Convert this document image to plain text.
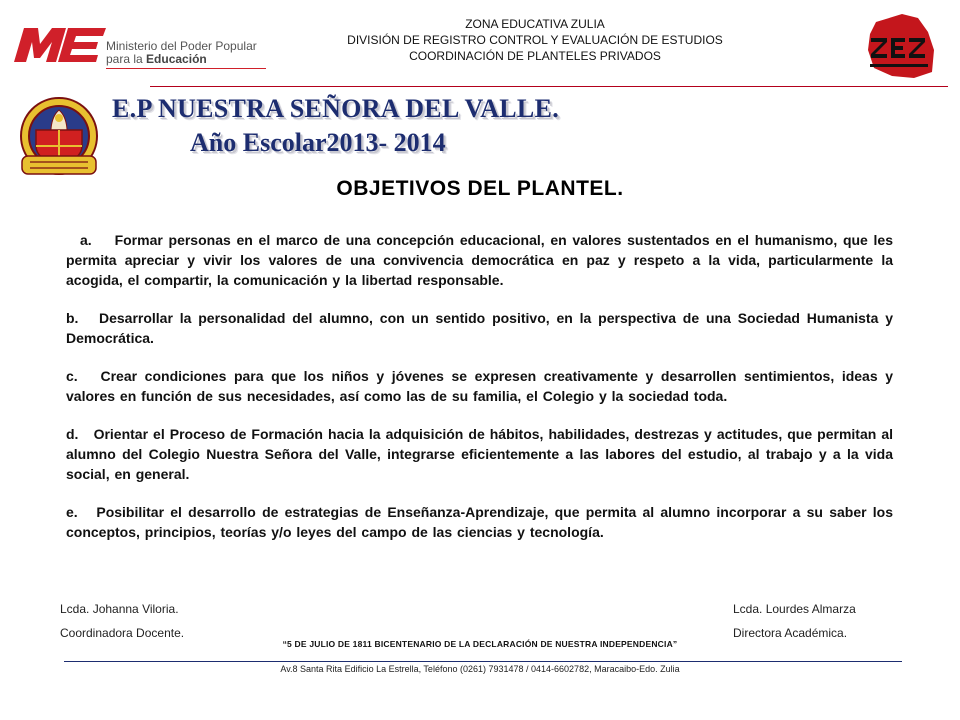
ZONA EDUCATIVA ZULIA
DIVISIÓN DE REGISTRO CONTROL Y EVALUACIÓN DE ESTUDIOS
COORDINACIÓN DE PLANTELES PRIVADOS
Ministerio del Poder Popular
para la Educación
E.P NUESTRA SEÑORA DEL VALLE.
Año Escolar2013- 2014
OBJETIVOS DEL PLANTEL.

a. Formar personas en el marco de una concepción educacional, en valores sustentados en el humanismo, que les permita apreciar y vivir los valores de una convivencia democrática en paz y respeto a la vida, particularmente la acogida, el compartir, la comunicación y la libertad responsable.

b. Desarrollar la personalidad del alumno, con un sentido positivo, en la perspectiva de una Sociedad Humanista y Democrática.

c. Crear condiciones para que los niños y jóvenes se expresen creativamente y desarrollen sentimientos, ideas y valores en función de sus necesidades, así como las de su familia, el Colegio y la sociedad toda.

d. Orientar el Proceso de Formación hacia la adquisición de hábitos, habilidades, destrezas y actitudes, que permitan al alumno del Colegio Nuestra Señora del Valle, integrarse eficientemente a las labores del estudio, al trabajo y a la vida social, en general.

e. Posibilitar el desarrollo de estrategias de Enseñanza-Aprendizaje, que permita al alumno incorporar a su saber los conceptos, principios, teorías y/o leyes del campo de las ciencias y tecnología.

Lcda. Johanna Viloria.
Coordinadora Docente.
Lcda. Lourdes Almarza
Directora Académica.
“5 DE JULIO DE 1811 BICENTENARIO DE LA DECLARACIÓN DE NUESTRA INDEPENDENCIA”
Av.8 Santa Rita Edificio La Estrella, Teléfono (0261) 7931478 / 0414-6602782, Maracaibo-Edo. Zulia
